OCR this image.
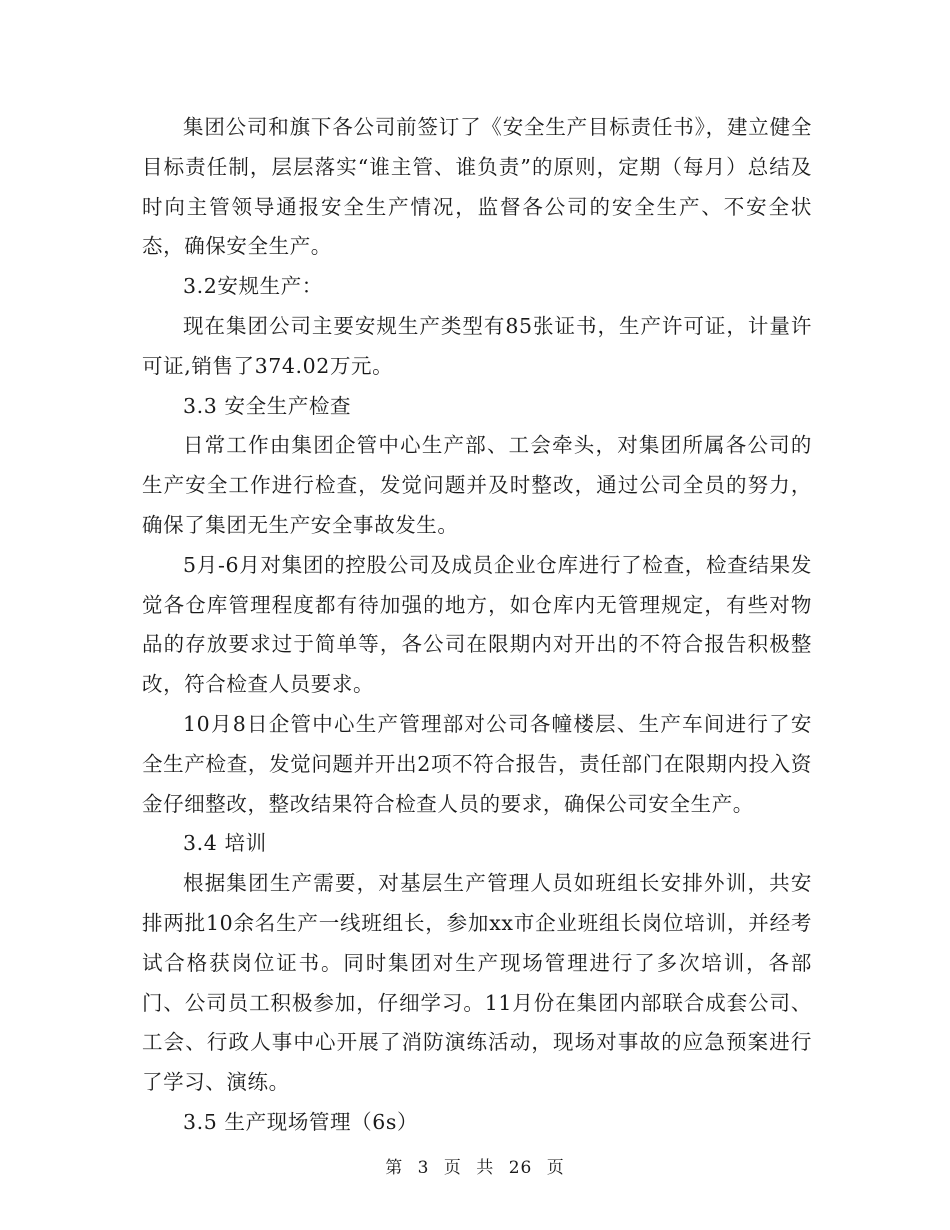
集团公司和旗下各公司前签订了《安全生产目标责任书》，建立健全目标责任制，层层落实“谁主管、谁负责”的原则，定期（每月）总结及时向主管领导通报安全生产情况，监督各公司的安全生产、不安全状态，确保安全生产。

3.2安规生产：

现在集团公司主要安规生产类型有85张证书，生产许可证，计量许可证,销售了374.02万元。

3.3 安全生产检查

日常工作由集团企管中心生产部、工会牵头，对集团所属各公司的生产安全工作进行检查，发觉问题并及时整改，通过公司全员的努力，确保了集团无生产安全事故发生。

5月-6月对集团的控股公司及成员企业仓库进行了检查，检查结果发觉各仓库管理程度都有待加强的地方，如仓库内无管理规定，有些对物品的存放要求过于简单等，各公司在限期内对开出的不符合报告积极整改，符合检查人员要求。

10月8日企管中心生产管理部对公司各幢楼层、生产车间进行了安全生产检查，发觉问题并开出2项不符合报告，责任部门在限期内投入资金仔细整改，整改结果符合检查人员的要求，确保公司安全生产。

3.4 培训

根据集团生产需要，对基层生产管理人员如班组长安排外训，共安排两批10余名生产一线班组长，参加xx市企业班组长岗位培训，并经考试合格获岗位证书。同时集团对生产现场管理进行了多次培训，各部门、公司员工积极参加，仔细学习。11月份在集团内部联合成套公司、工会、行政人事中心开展了消防演练活动，现场对事故的应急预案进行了学习、演练。

3.5 生产现场管理（6s）

第 3 页 共 26 页
